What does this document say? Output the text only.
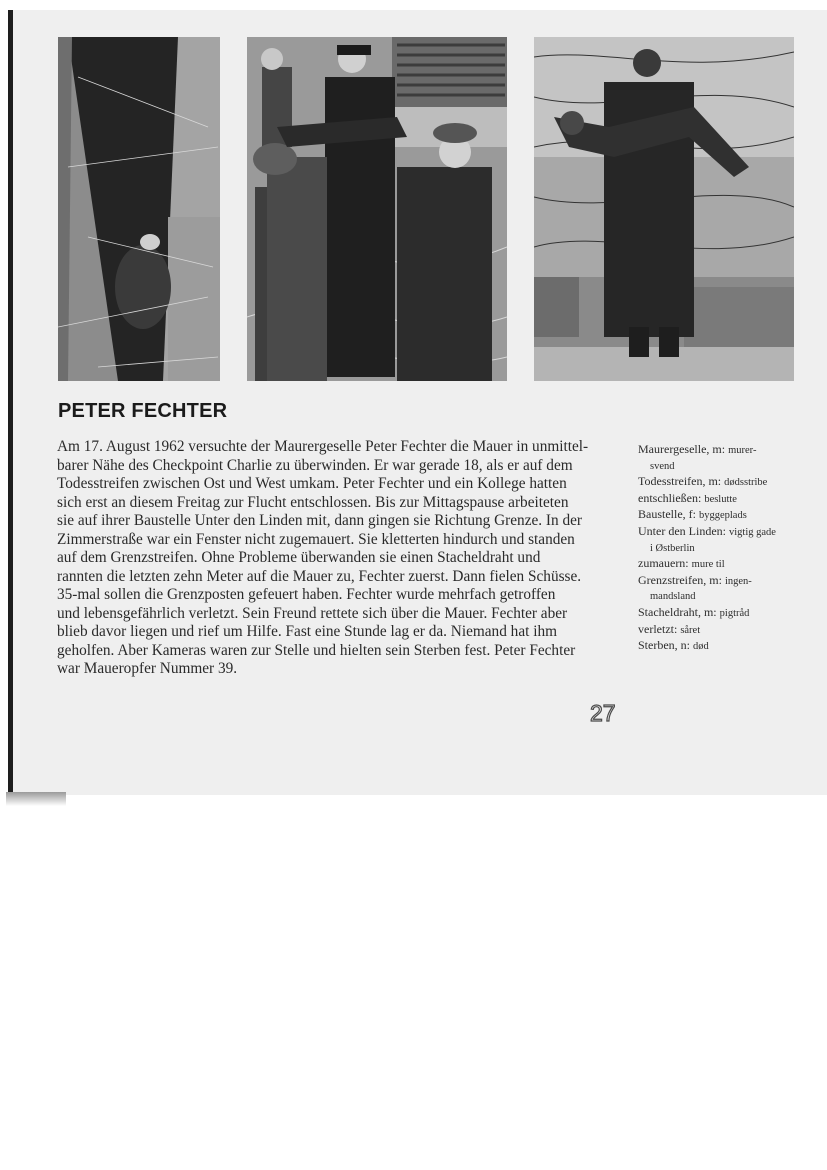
PETER FECHTER

Am 17. August 1962 versuchte der Maurergeselle Peter Fechter die Mauer in unmittel-
barer Nähe des Checkpoint Charlie zu überwinden. Er war gerade 18, als er auf dem
Todesstreifen zwischen Ost und West umkam. Peter Fechter und ein Kollege hatten
sich erst an diesem Freitag zur Flucht entschlossen. Bis zur Mittagspause arbeiteten
sie auf ihrer Baustelle Unter den Linden mit, dann gingen sie Richtung Grenze. In der
Zimmerstraße war ein Fenster nicht zugemauert. Sie kletterten hindurch und standen
auf dem Grenzstreifen. Ohne Probleme überwanden sie einen Stacheldraht und
rannten die letzten zehn Meter auf die Mauer zu, Fechter zuerst. Dann fielen Schüsse.
35-mal sollen die Grenzposten gefeuert haben. Fechter wurde mehrfach getroffen
und lebensgefährlich verletzt. Sein Freund rettete sich über die Mauer. Fechter aber
blieb davor liegen und rief um Hilfe. Fast eine Stunde lag er da. Niemand hat ihm
geholfen. Aber Kameras waren zur Stelle und hielten sein Sterben fest. Peter Fechter
war Maueropfer Nummer 39.

Maurergeselle, m: murer-
svend
Todesstreifen, m: dødsstribe
entschließen: beslutte
Baustelle, f: byggeplads
Unter den Linden: vigtig gade
i Østberlin
zumauern: mure til
Grenzstreifen, m: ingen-
mandsland
Stacheldraht, m: pigtråd
verletzt: såret
Sterben, n: død

27
